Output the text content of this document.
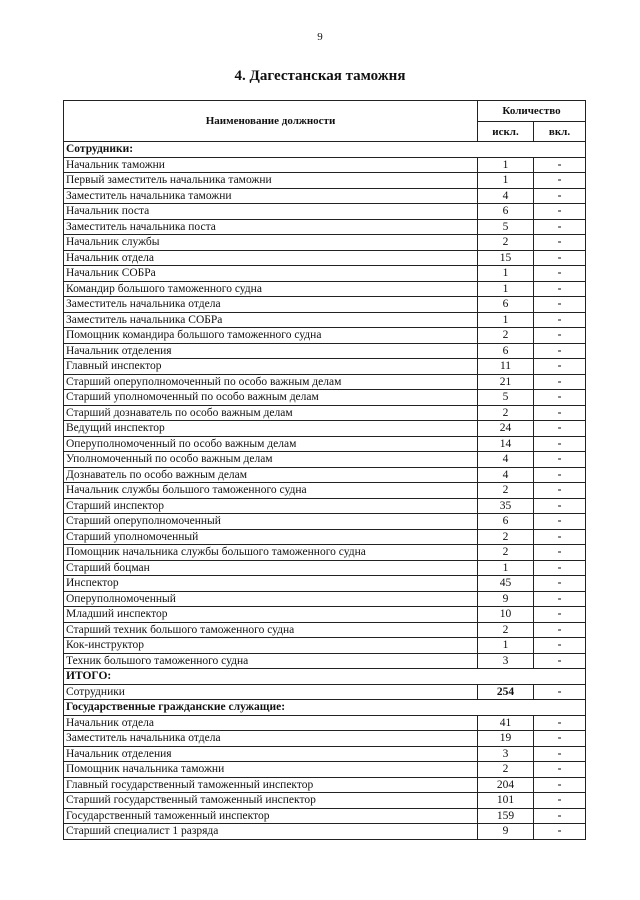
9
4. Дагестанская таможня
Наименование должности	Количество	
	искл.	вкл.
Сотрудники:		
Начальник таможни	1	-
Первый заместитель начальника таможни	1	-
Заместитель начальника таможни	4	-
Начальник поста	6	-
Заместитель начальника поста	5	-
Начальник службы	2	-
Начальник отдела	15	-
Начальник СОБРа	1	-
Командир большого таможенного судна	1	-
Заместитель начальника отдела	6	-
Заместитель начальника СОБРа	1	-
Помощник командира большого таможенного судна	2	-
Начальник отделения	6	-
Главный инспектор	11	-
Старший оперуполномоченный по особо важным делам	21	-
Старший уполномоченный по особо важным делам	5	-
Старший дознаватель по особо важным делам	2	-
Ведущий инспектор	24	-
Оперуполномоченный по особо важным делам	14	-
Уполномоченный по особо важным делам	4	-
Дознаватель по особо важным делам	4	-
Начальник службы большого таможенного судна	2	-
Старший инспектор	35	-
Старший оперуполномоченный	6	-
Старший уполномоченный	2	-
Помощник начальника службы большого таможенного судна	2	-
Старший боцман	1	-
Инспектор	45	-
Оперуполномоченный	9	-
Младший инспектор	10	-
Старший техник большого таможенного судна	2	-
Кок-инструктор	1	-
Техник большого таможенного судна	3	-
ИТОГО:		
Сотрудники	254	-
Государственные гражданские служащие:		
Начальник отдела	41	-
Заместитель начальника отдела	19	-
Начальник отделения	3	-
Помощник начальника таможни	2	-
Главный государственный таможенный инспектор	204	-
Старший государственный таможенный инспектор	101	-
Государственный таможенный инспектор	159	-
Старший специалист 1 разряда	9	-
